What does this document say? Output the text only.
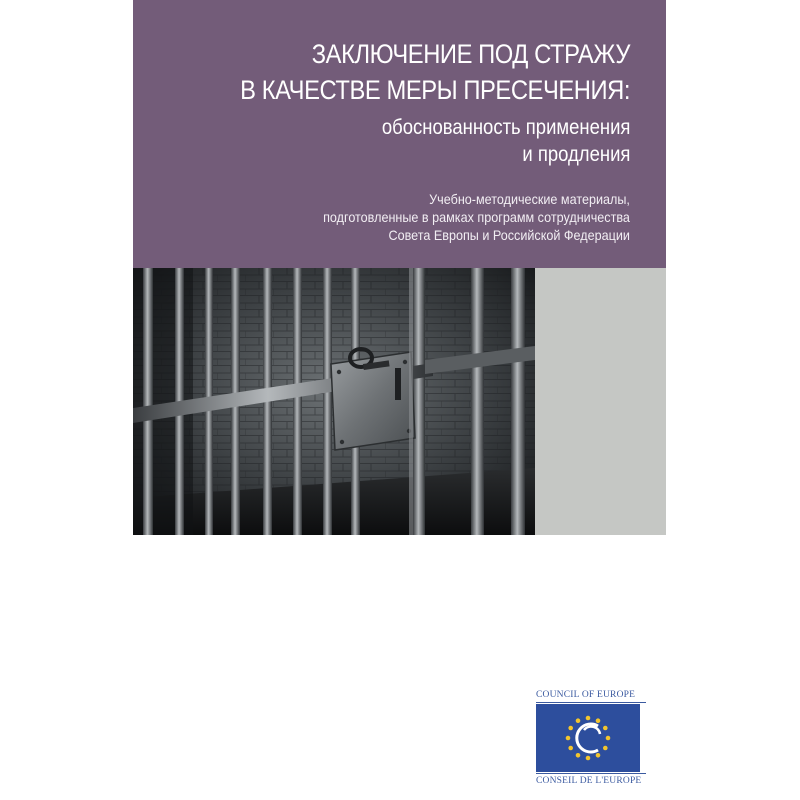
ЗАКЛЮЧЕНИЕ ПОД СТРАЖУ
В КАЧЕСТВЕ МЕРЫ ПРЕСЕЧЕНИЯ:
обоснованность применения
и продления
Учебно-методические материалы,
подготовленные в рамках программ сотрудничества
Совета Европы и Российской Федерации
COUNCIL OF EUROPE
CONSEIL DE L'EUROPE
